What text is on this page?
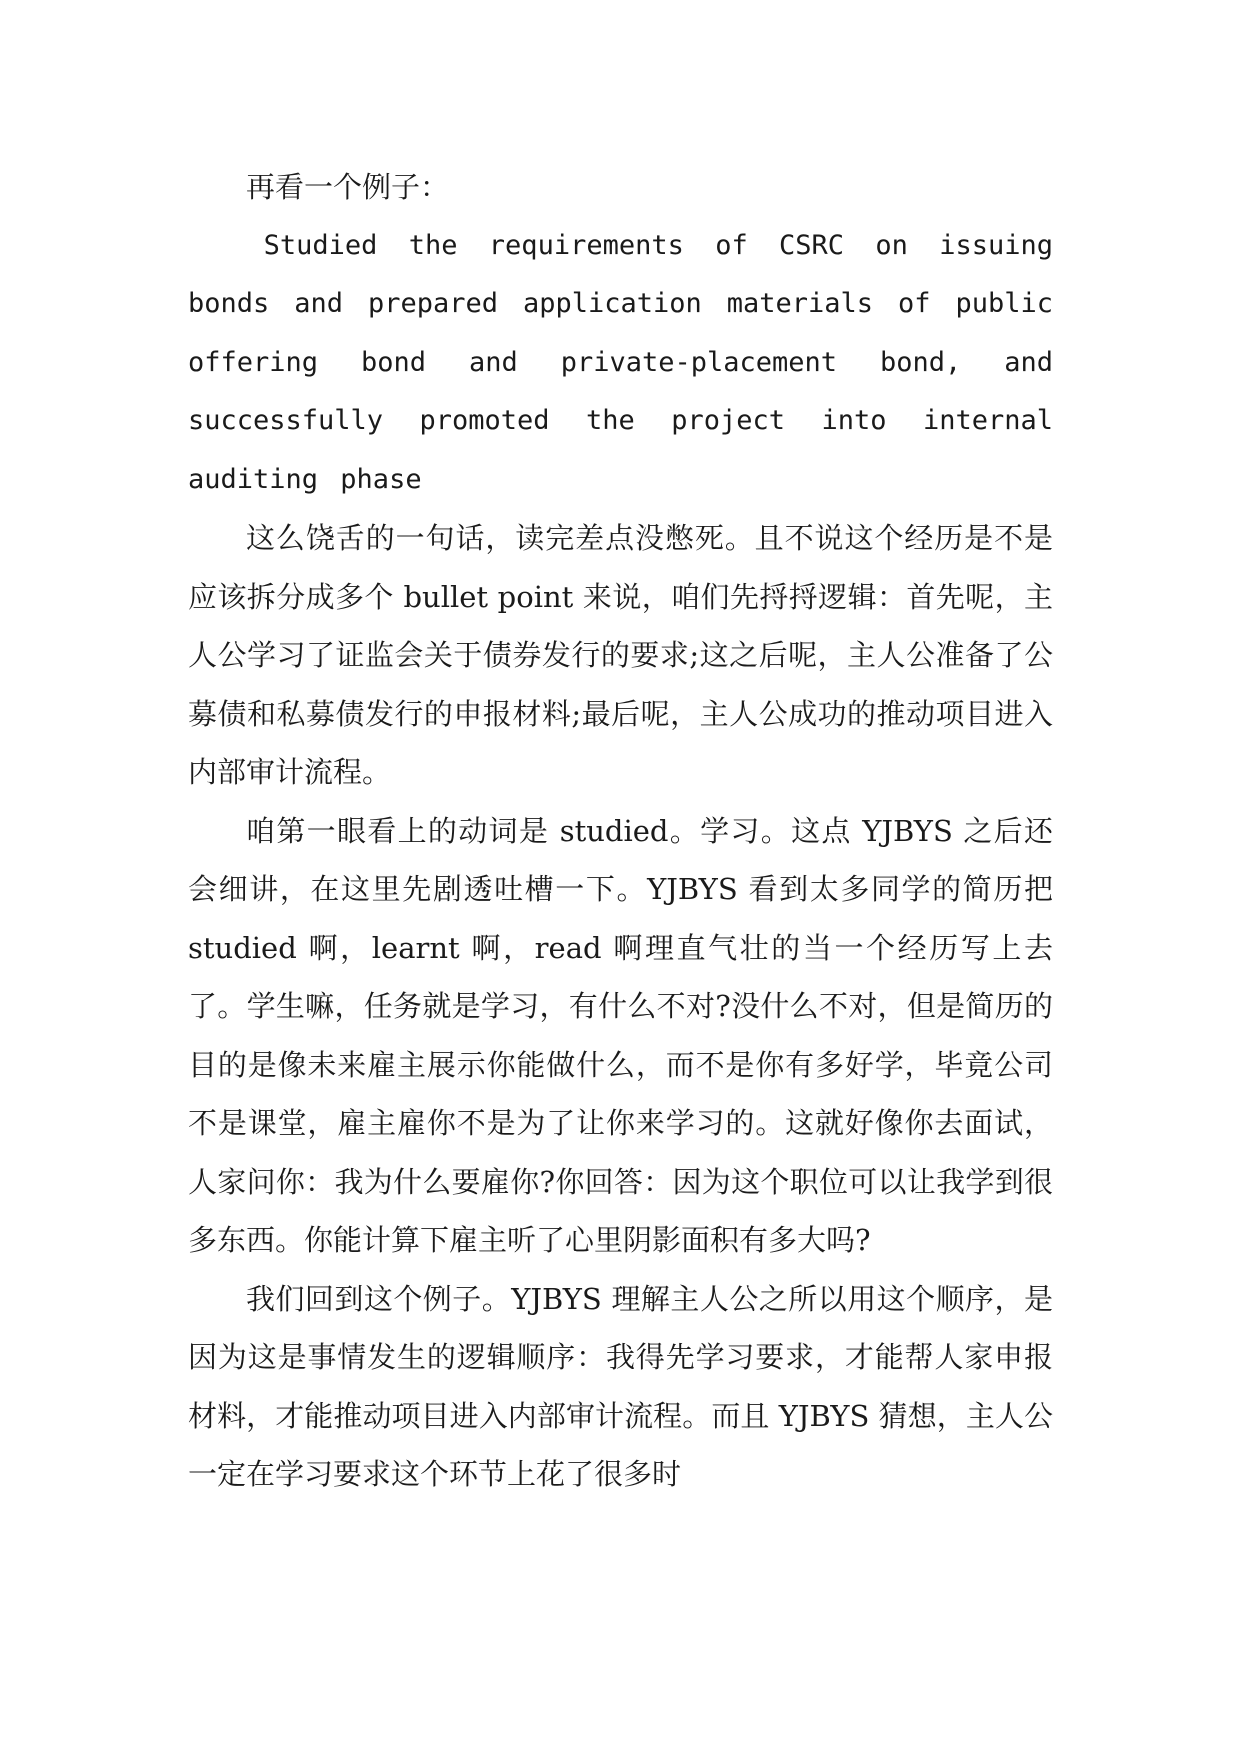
再看一个例子：

Studied the requirements of CSRC on issuing bonds and prepared application materials of public offering bond and private-placement bond, and successfully promoted the project into internal auditing phase

这么饶舌的一句话，读完差点没憋死。且不说这个经历是不是应该拆分成多个 bullet point 来说，咱们先捋捋逻辑：首先呢，主人公学习了证监会关于债券发行的要求;这之后呢，主人公准备了公募债和私募债发行的申报材料;最后呢，主人公成功的推动项目进入内部审计流程。

咱第一眼看上的动词是 studied。学习。这点 YJBYS 之后还会细讲，在这里先剧透吐槽一下。YJBYS 看到太多同学的简历把 studied 啊，learnt 啊，read 啊理直气壮的当一个经历写上去了。学生嘛，任务就是学习，有什么不对?没什么不对，但是简历的目的是像未来雇主展示你能做什么，而不是你有多好学，毕竟公司不是课堂，雇主雇你不是为了让你来学习的。这就好像你去面试，人家问你：我为什么要雇你?你回答：因为这个职位可以让我学到很多东西。你能计算下雇主听了心里阴影面积有多大吗?

我们回到这个例子。YJBYS 理解主人公之所以用这个顺序，是因为这是事情发生的逻辑顺序：我得先学习要求，才能帮人家申报材料，才能推动项目进入内部审计流程。而且 YJBYS 猜想，主人公一定在学习要求这个环节上花了很多时
